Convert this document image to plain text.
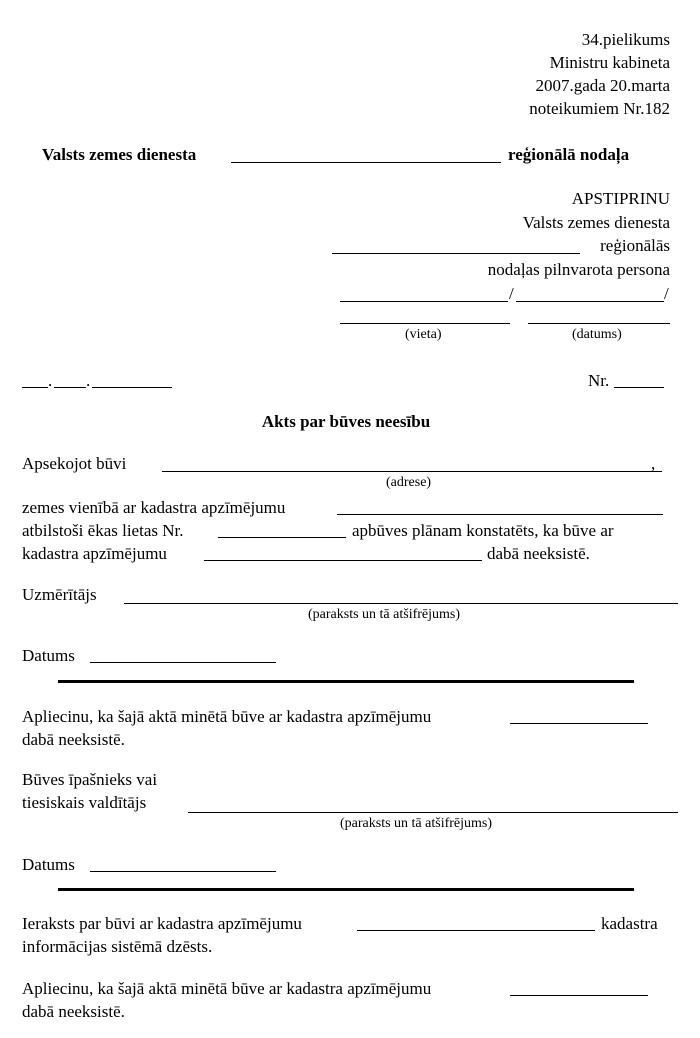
34.pielikums
Ministru kabineta
2007.gada 20.marta
noteikumiem Nr.182
Valsts zemes dienesta	reģionālā nodaļa
APSTIPRINU
Valsts zemes dienesta
reģionālās
nodaļas pilnvarota persona
/	/
(vieta)	(datums)
. .	Nr.
Akts par būves neesību
Apsekojot būvi	,
(adrese)
zemes vienībā ar kadastra apzīmējumu
atbilstoši ēkas lietas Nr.	apbūves plānam konstatēts, ka būve ar
kadastra apzīmējumu	dabā neeksistē.
Uzmērītājs
(paraksts un tā atšifrējums)
Datums
Apliecinu, ka šajā aktā minētā būve ar kadastra apzīmējumu
dabā neeksistē.
Būves īpašnieks vai
tiesiskais valdītājs
(paraksts un tā atšifrējums)
Datums
Ieraksts par būvi ar kadastra apzīmējumu	kadastra
informācijas sistēmā dzēsts.
Apliecinu, ka šajā aktā minētā būve ar kadastra apzīmējumu
dabā neeksistē.
